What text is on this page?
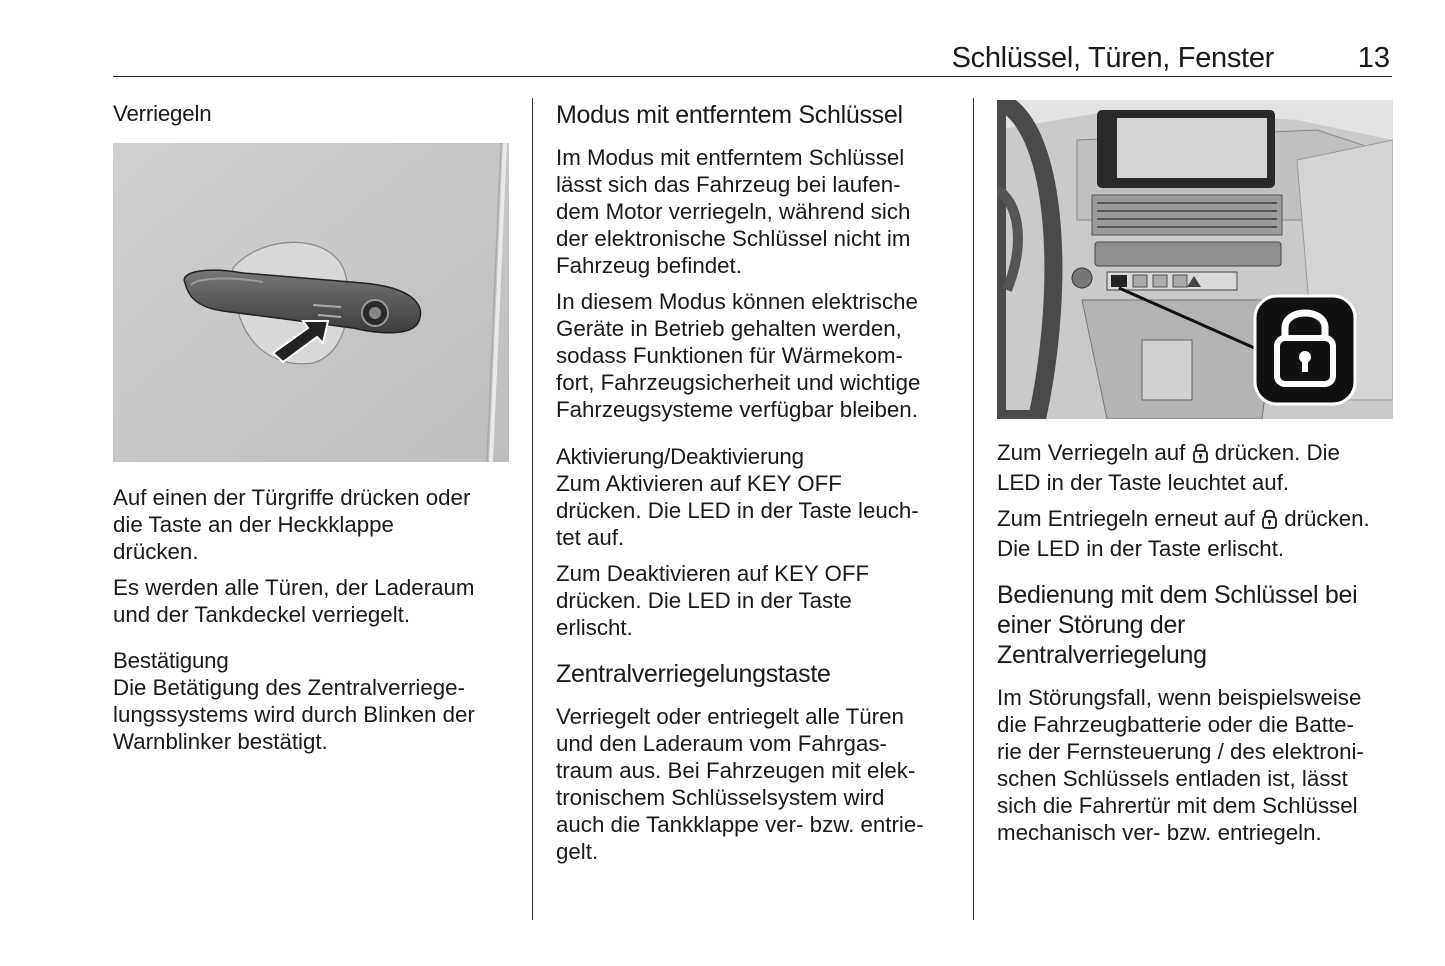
Schlüssel, Türen, Fenster	13

Verriegeln

Auf einen der Türgriffe drücken oder

die Taste an der Heckklappe

drücken.

Es werden alle Türen, der Laderaum

und der Tankdeckel verriegelt.

Bestätigung

Die Betätigung des Zentralverriege-

lungssystems wird durch Blinken der

Warnblinker bestätigt.

Modus mit entferntem Schlüssel

Im Modus mit entferntem Schlüssel

lässt sich das Fahrzeug bei laufen-

dem Motor verriegeln, während sich

der elektronische Schlüssel nicht im

Fahrzeug befindet.

In diesem Modus können elektrische

Geräte in Betrieb gehalten werden,

sodass Funktionen für Wärmekom-

fort, Fahrzeugsicherheit und wichtige

Fahrzeugsysteme verfügbar bleiben.

Aktivierung/Deaktivierung

Zum Aktivieren auf KEY OFF

drücken. Die LED in der Taste leuch-

tet auf.

Zum Deaktivieren auf KEY OFF

drücken. Die LED in der Taste

erlischt.

Zentralverriegelungstaste

Verriegelt oder entriegelt alle Türen

und den Laderaum vom Fahrgas-

traum aus. Bei Fahrzeugen mit elek-

tronischem Schlüsselsystem wird

auch die Tankklappe ver- bzw. entrie-

gelt.

Zum Verriegeln auf  drücken. Die

LED in der Taste leuchtet auf.

Zum Entriegeln erneut auf  drücken.

Die LED in der Taste erlischt.

Bedienung mit dem Schlüssel bei

einer Störung der

Zentralverriegelung

Im Störungsfall, wenn beispielsweise

die Fahrzeugbatterie oder die Batte-

rie der Fernsteuerung / des elektroni-

schen Schlüssels entladen ist, lässt

sich die Fahrertür mit dem Schlüssel

mechanisch ver- bzw. entriegeln.
